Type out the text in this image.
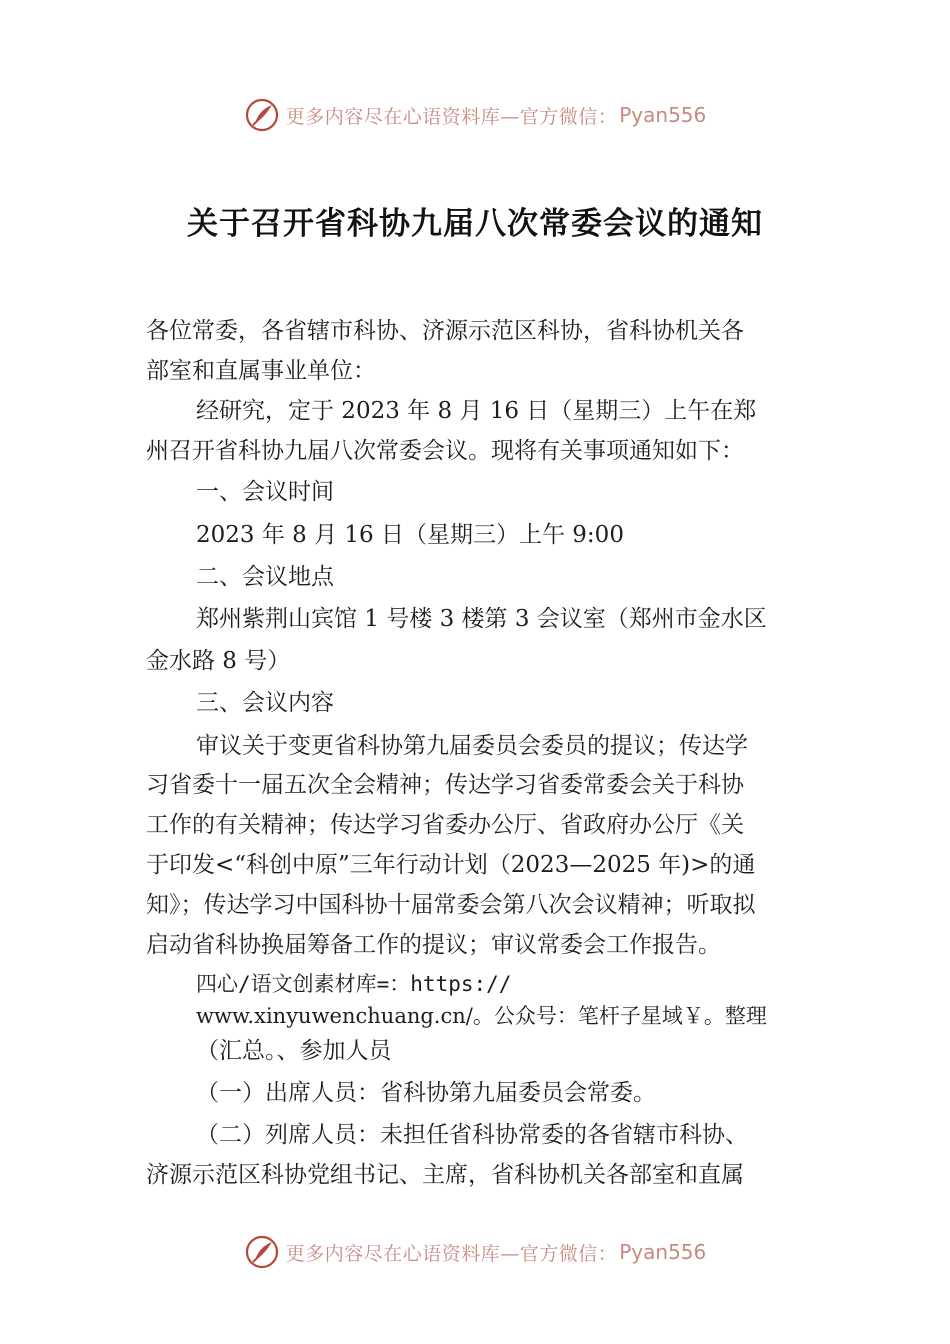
更多内容尽在心语资料库—官方微信： Pyan556
关于召开省科协九届八次常委会议的通知
各位常委，各省辖市科协、济源示范区科协，省科协机关各
部室和直属事业单位：
经研究，定于 2023 年 8 月 16 日（星期三）上午在郑
州召开省科协九届八次常委会议。现将有关事项通知如下：
一、会议时间
2023 年 8 月 16 日（星期三）上午 9:00
二、会议地点
郑州紫荆山宾馆 1 号楼 3 楼第 3 会议室（郑州市金水区
金水路 8 号）
三、会议内容
审议关于变更省科协第九届委员会委员的提议；传达学
习省委十一届五次全会精神；传达学习省委常委会关于科协
工作的有关精神；传达学习省委办公厅、省政府办公厅《关
于印发<“科创中原”三年行动计划（2023—2025 年)>的通
知》；传达学习中国科协十届常委会第八次会议精神；听取拟
启动省科协换届筹备工作的提议；审议常委会工作报告。
四心/语文创素材库=：https://
www.xinyuwenchuang.cn/。公众号：笔杆子星域￥。整理
（汇总。、参加人员
（一）出席人员：省科协第九届委员会常委。
（二）列席人员：未担任省科协常委的各省辖市科协、
济源示范区科协党组书记、主席，省科协机关各部室和直属
更多内容尽在心语资料库—官方微信： Pyan556
